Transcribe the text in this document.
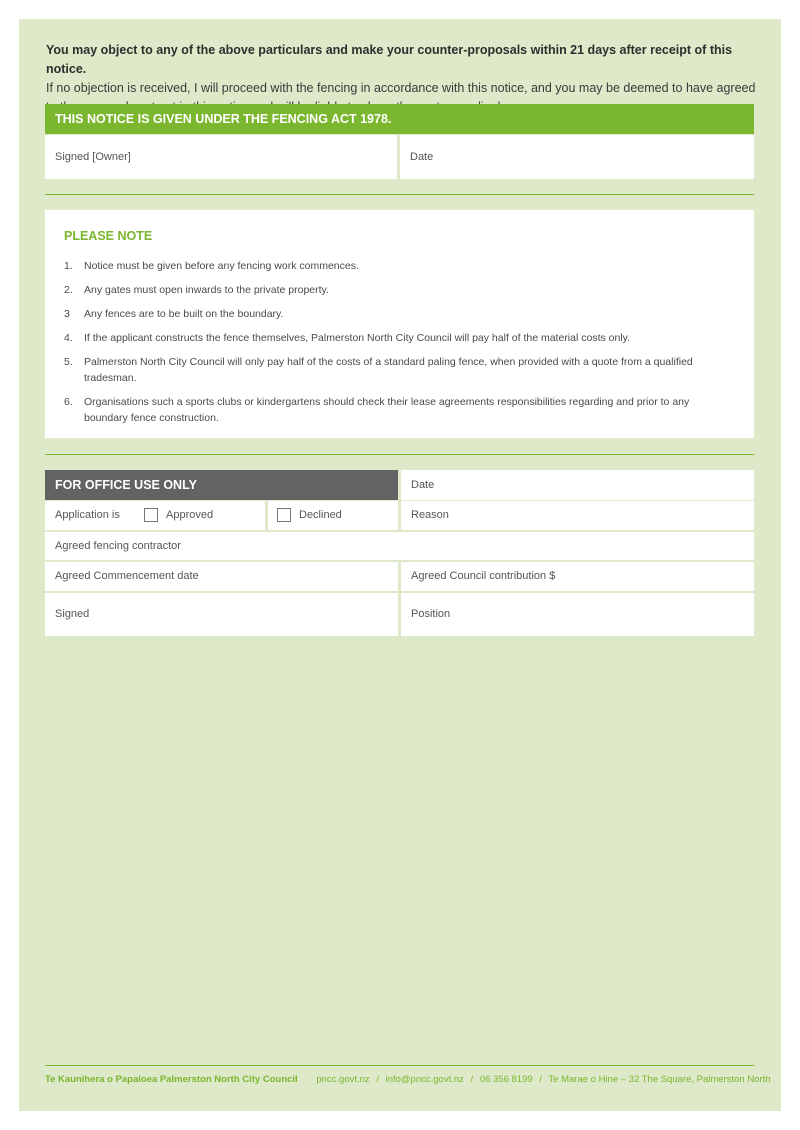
You may object to any of the above particulars and make your counter-proposals within 21 days after receipt of this notice.
If no objection is received, I will proceed with the fencing in accordance with this notice, and you may be deemed to have agreed
THIS NOTICE IS GIVEN UNDER THE FENCING ACT 1978.
Signed [Owner]	Date
PLEASE NOTE
1.	Notice must be given before any fencing work commences.
2.	Any gates must open inwards to the private property.
3	Any fences are to be built on the boundary.
4.	If the applicant constructs the fence themselves, Palmerston North City Council will pay half of the material costs only.
5.	Palmerston North City Council will only pay half of the costs of a standard paling fence, when provided with a quote from a qualified tradesman.
6.	Organisations such a sports clubs or kindergartens should check their lease agreements responsibilities regarding and prior to any boundary fence construction.
FOR OFFICE USE ONLY	Date
Application is	Approved	Declined	Reason
Agreed fencing contractor
Agreed Commencement date	Agreed Council contribution $
Signed	Position
Te Kaunihera o Papaioea Palmerston North City Council pncc.govt.nz / info@pncc.govt.nz / 06 356 8199 / Te Marae o Hine – 32 The Square, Palmerston North
